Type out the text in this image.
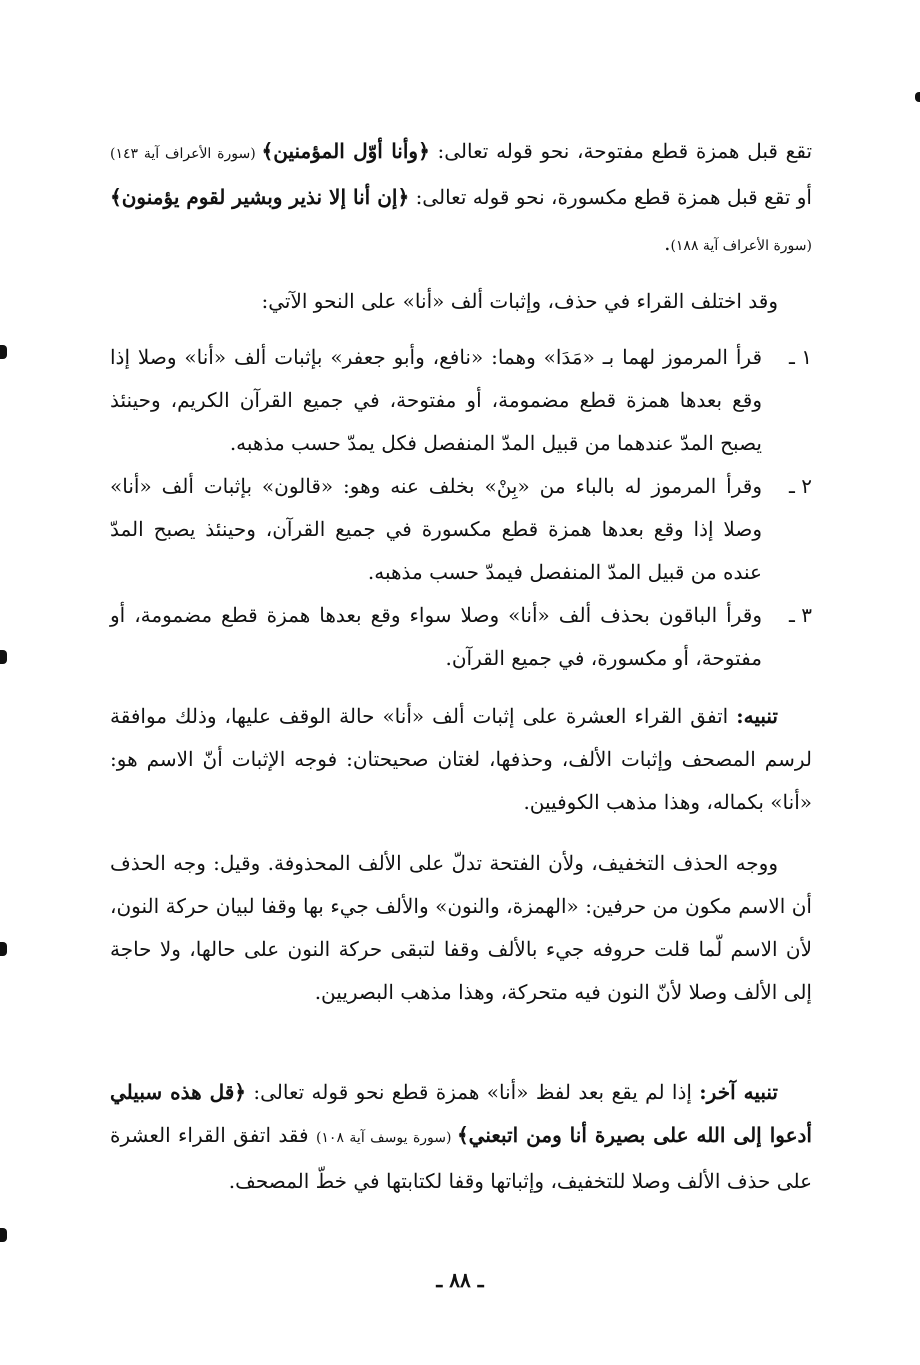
تقع قبل همزة قطع مفتوحة، نحو قوله تعالى: ﴿وأنا أوّل المؤمنين﴾ (سورة الأعراف آية ١٤٣) أو تقع قبل همزة قطع مكسورة، نحو قوله تعالى: ﴿إن أنا إلا نذير وبشير لقوم يؤمنون﴾ (سورة الأعراف آية ١٨٨).

وقد اختلف القراء في حذف، وإثبات ألف «أنا» على النحو الآتي:

١ ـ
قرأ المرموز لهما بـ «مَدَا» وهما: «نافع، وأبو جعفر» بإثبات ألف «أنا» وصلا إذا وقع بعدها همزة قطع مضمومة، أو مفتوحة، في جميع القرآن الكريم، وحينئذ يصبح المدّ عندهما من قبيل المدّ المنفصل فكل يمدّ حسب مذهبه.
٢ ـ
وقرأ المرموز له بالباء من «بِنْ» بخلف عنه وهو: «قالون» بإثبات ألف «أنا» وصلا إذا وقع بعدها همزة قطع مكسورة في جميع القرآن، وحينئذ يصبح المدّ عنده من قبيل المدّ المنفصل فيمدّ حسب مذهبه.
٣ ـ
وقرأ الباقون بحذف ألف «أنا» وصلا سواء وقع بعدها همزة قطع مضمومة، أو مفتوحة، أو مكسورة، في جميع القرآن.

تنبيه: اتفق القراء العشرة على إثبات ألف «أنا» حالة الوقف عليها، وذلك موافقة لرسم المصحف وإثبات الألف، وحذفها، لغتان صحيحتان: فوجه الإثبات أنّ الاسم هو: «أنا» بكماله، وهذا مذهب الكوفيين.

ووجه الحذف التخفيف، ولأن الفتحة تدلّ على الألف المحذوفة. وقيل: وجه الحذف أن الاسم مكون من حرفين: «الهمزة، والنون» والألف جيء بها وقفا لبيان حركة النون، لأن الاسم لّما قلت حروفه جيء بالألف وقفا لتبقى حركة النون على حالها، ولا حاجة إلى الألف وصلا لأنّ النون فيه متحركة، وهذا مذهب البصريين.

تنبيه آخر: إذا لم يقع بعد لفظ «أنا» همزة قطع نحو قوله تعالى: ﴿قل هذه سبيلي أدعوا إلى الله على بصيرة أنا ومن اتبعني﴾ (سورة يوسف آية ١٠٨) فقد اتفق القراء العشرة على حذف الألف وصلا للتخفيف، وإثباتها وقفا لكتابتها في خطّ المصحف.

ـ ٨٨ ـ
